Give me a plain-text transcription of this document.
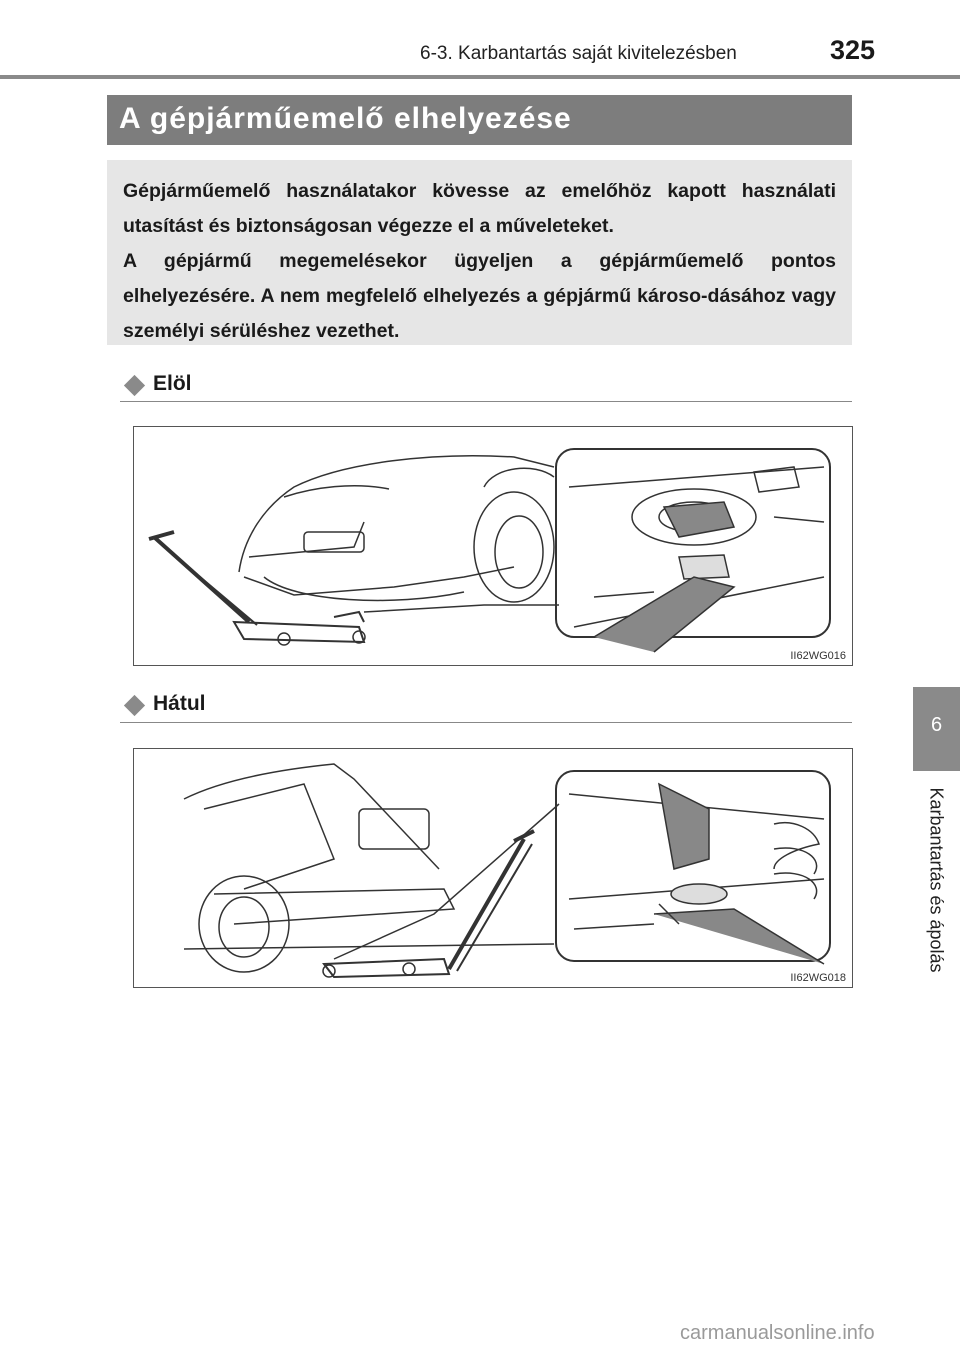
6-3. Karbantartás saját kivitelezésben	325
A gépjárműemelő elhelyezése

Gépjárműemelő használatakor kövesse az emelőhöz kapott használati utasítást és biztonságosan végezze el a műveleteket.

A gépjármű megemelésekor ügyeljen a gépjárműemelő pontos elhelyezésére. A nem megfelelő elhelyezés a gépjármű károso-dásához vagy személyi sérüléshez vezethet.

Elöl
II62WG016
Hátul
II62WG018
6
Karbantartás és ápolás
carmanualsonline.info
